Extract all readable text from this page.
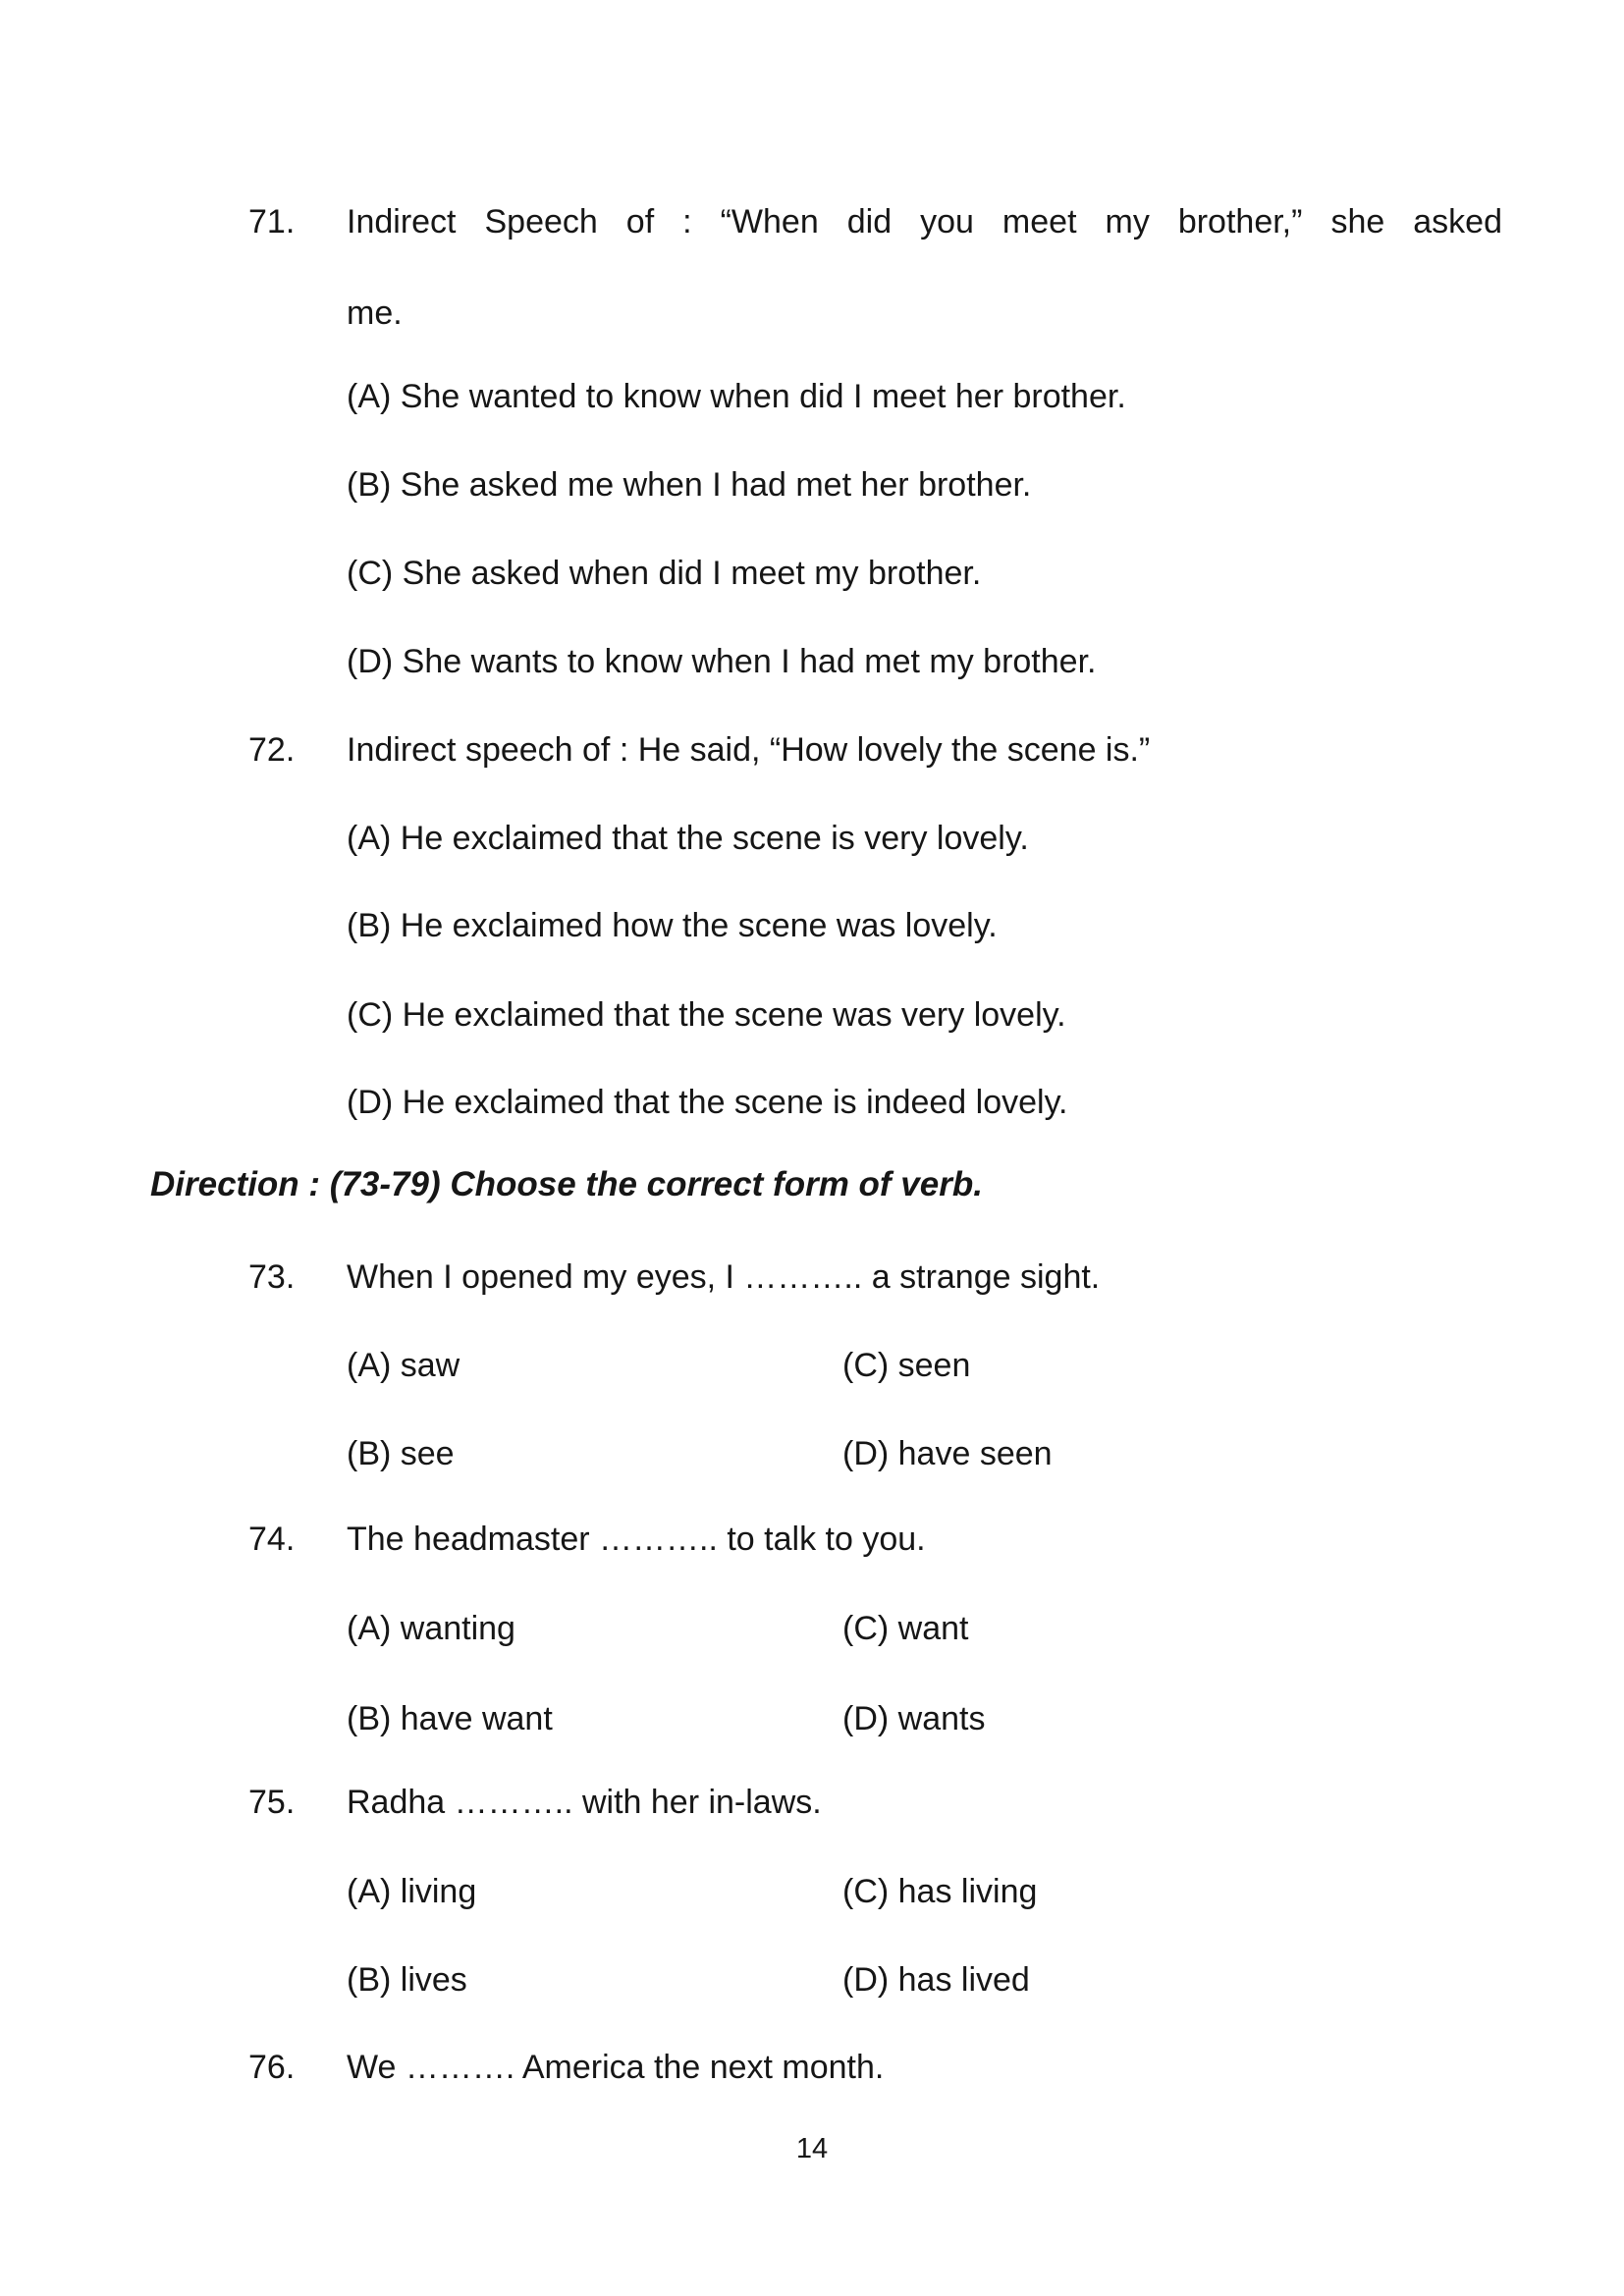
71. Indirect Speech of : “When did you meet my brother,” she asked
me.
(A) She wanted to know when did I meet her brother.
(B) She asked me when I had met her brother.
(C) She asked when did I meet my brother.
(D) She wants to know when I had met my brother.
72. Indirect speech of : He said, “How lovely the scene is.”
(A) He exclaimed that the scene is very lovely.
(B) He exclaimed how the scene was lovely.
(C) He exclaimed that the scene was very lovely.
(D) He exclaimed that the scene is indeed lovely.
Direction : (73-79) Choose the correct form of verb.
73. When I opened my eyes, I ……….. a strange sight.
(A) saw	(C) seen
(B) see	(D) have seen
74. The headmaster ……….. to talk to you.
(A) wanting	(C) want
(B) have want	(D) wants
75. Radha ……….. with her in-laws.
(A) living	(C) has living
(B) lives	(D) has lived
76. We ………. America the next month.
14
